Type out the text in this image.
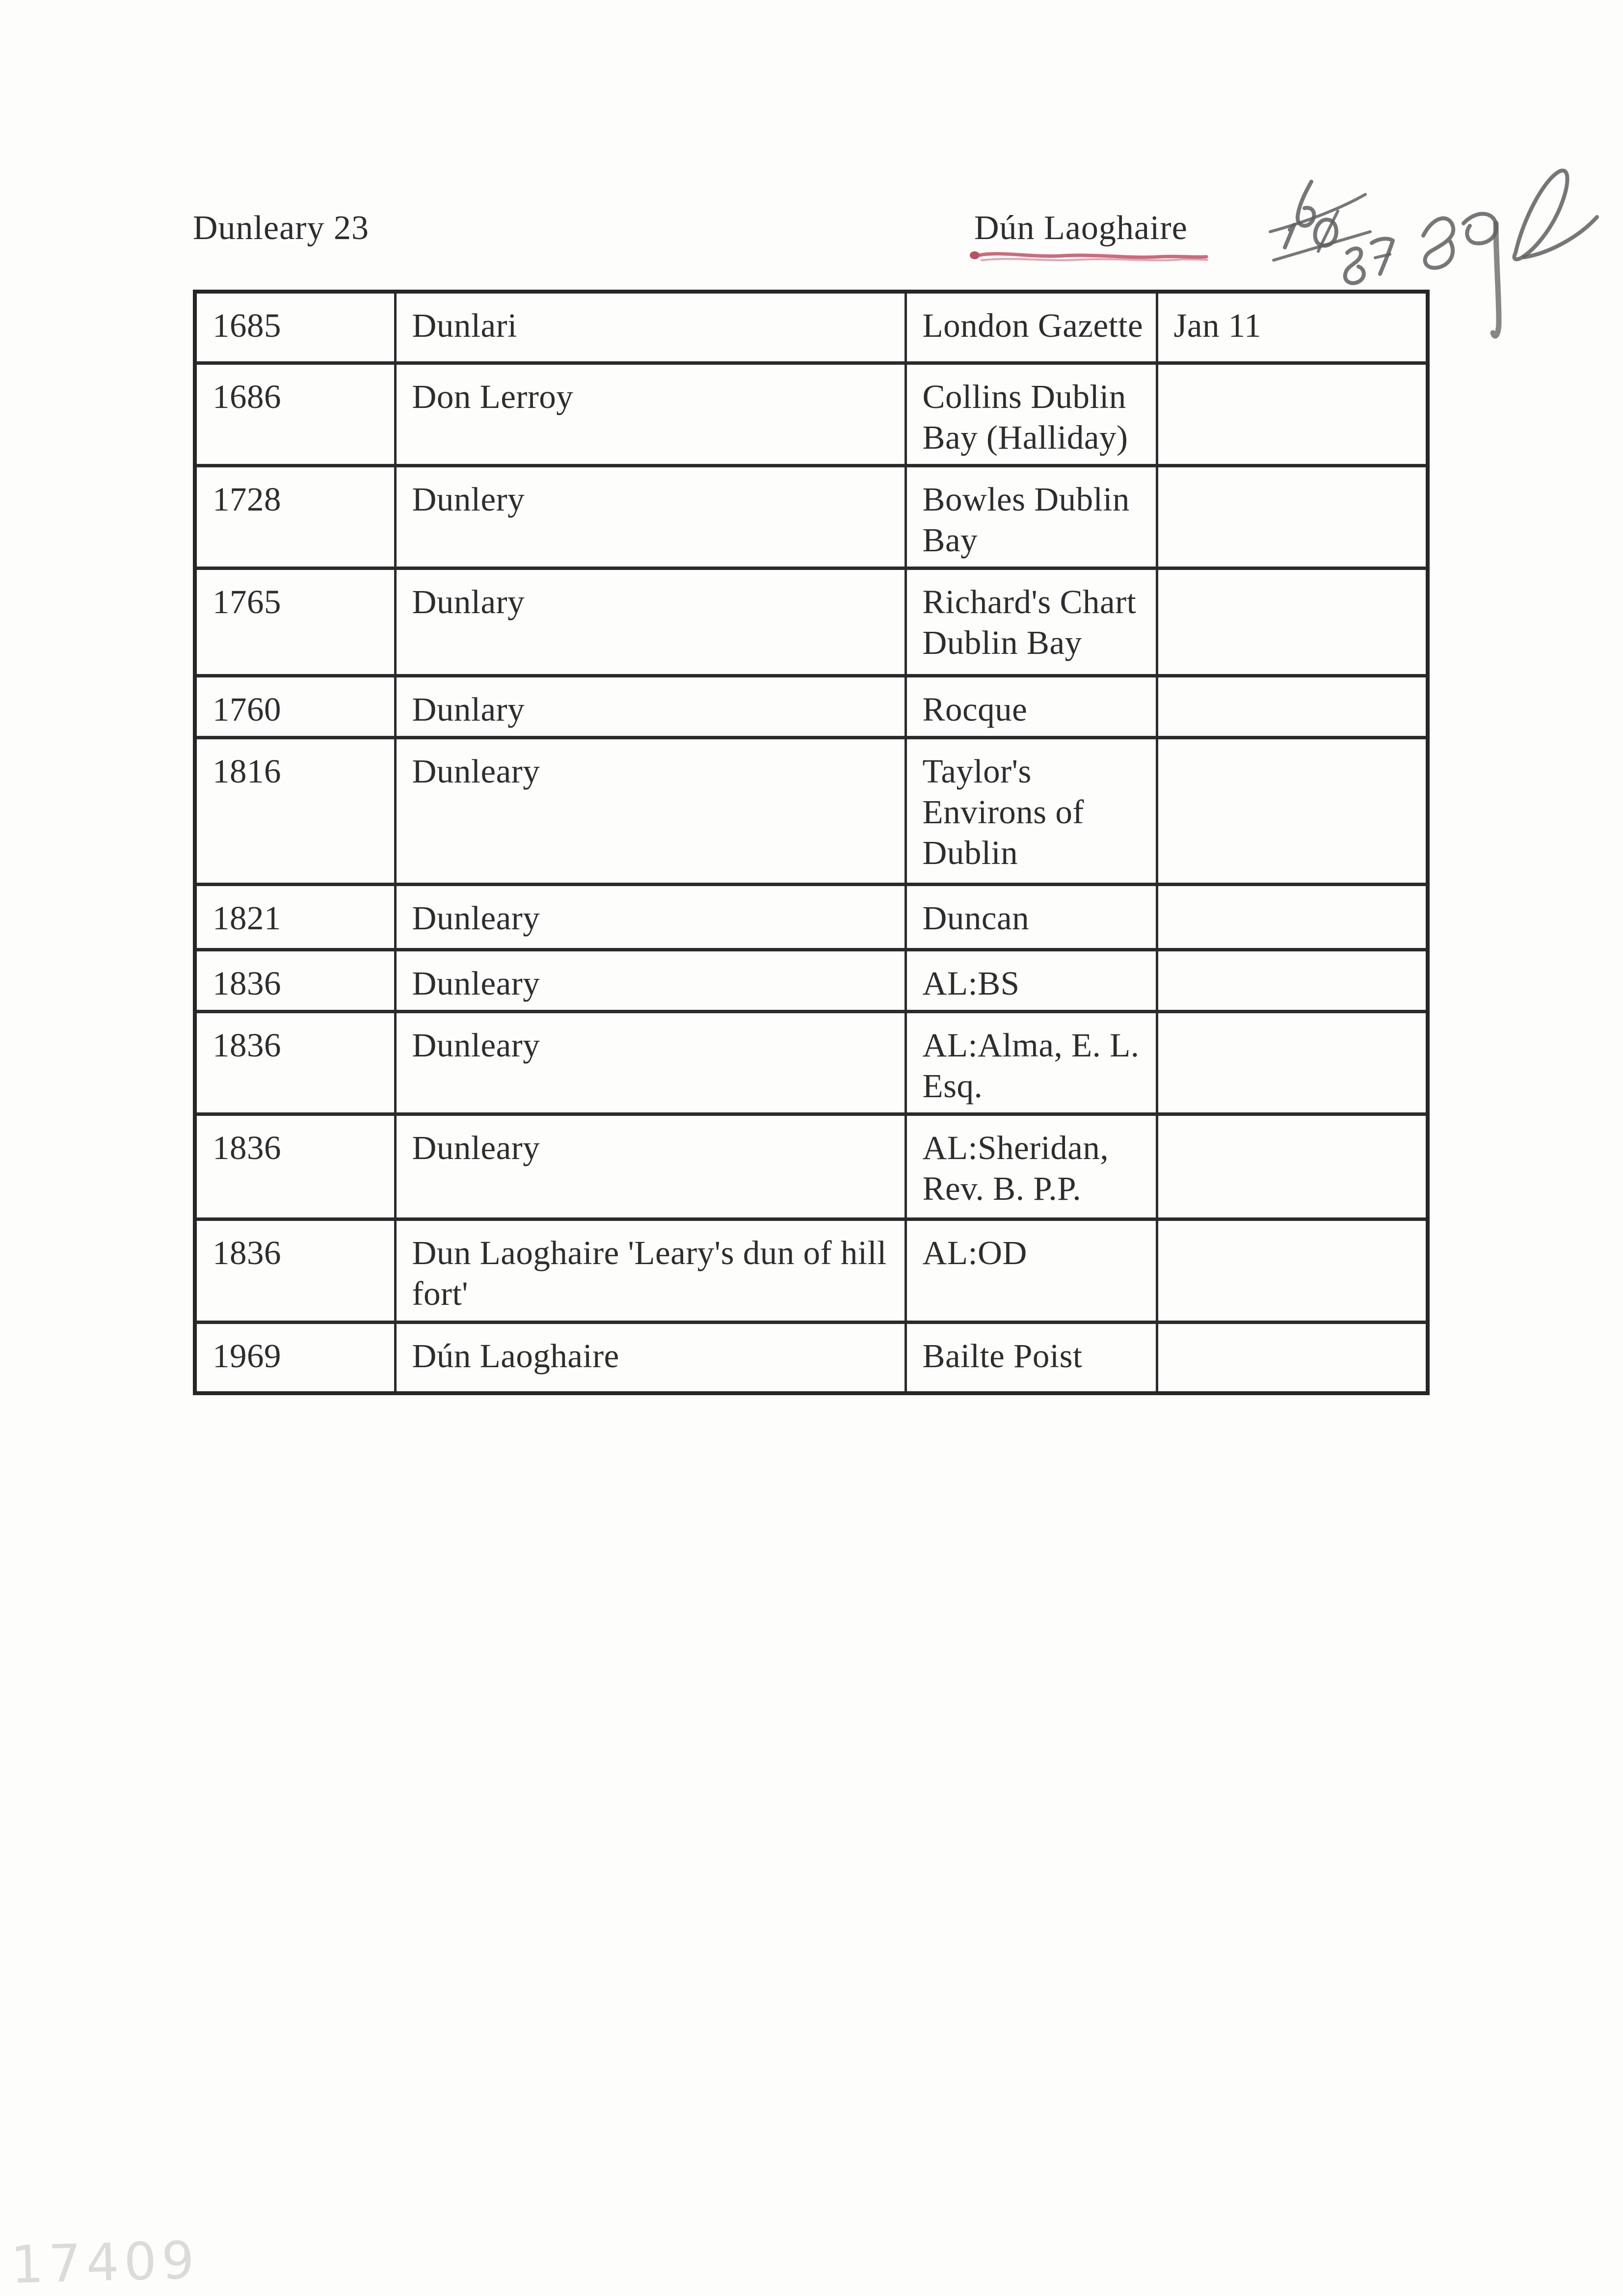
Dunleary 23	Dún Laoghaire
1685	Dunlari	London Gazette	Jan 11
1686	Don Lerroy	Collins Dublin Bay (Halliday)	
1728	Dunlery	Bowles Dublin Bay	
1765	Dunlary	Richard's Chart Dublin Bay	
1760	Dunlary	Rocque	
1816	Dunleary	Taylor's Environs of Dublin	
1821	Dunleary	Duncan	
1836	Dunleary	AL:BS	
1836	Dunleary	AL:Alma, E. L. Esq.	
1836	Dunleary	AL:Sheridan, Rev. B. P.P.	
1836	Dun Laoghaire 'Leary's dun of hill fort'	AL:OD	
1969	Dún Laoghaire	Bailte Poist	
17409
